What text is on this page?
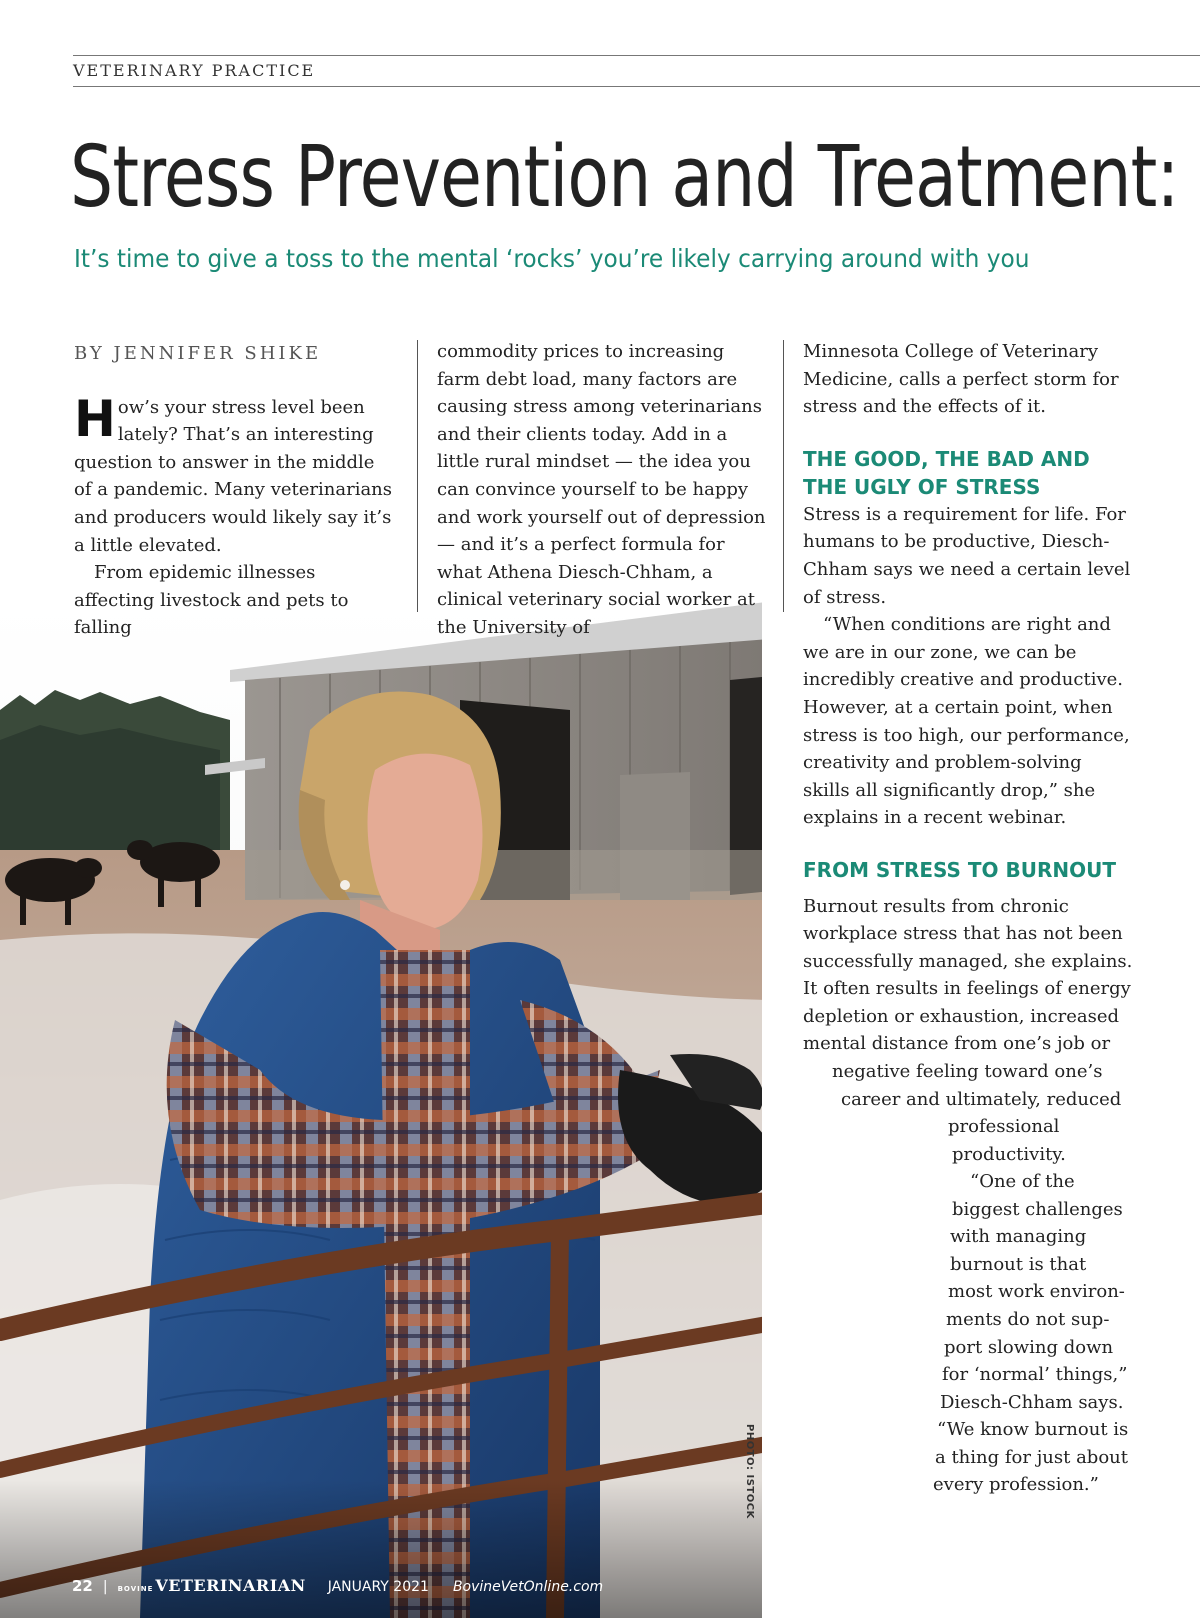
VETERINARY PRACTICE
Stress Prevention and Treatment:
It’s time to give a toss to the mental ‘rocks’ you’re likely carrying around with you
PHOTO: ISTOCK

BY JENNIFER SHIKE

How’s your stress level been lately? That’s an interesting question to answer in the middle of a pandemic. Many veterinarians and producers would likely say it’s a little elevated.

From epidemic illnesses affecting livestock and pets to falling

commodity prices to increasing farm debt load, many factors are causing stress among veterinarians and their clients today. Add in a little rural mindset — the idea you can convince yourself to be happy and work yourself out of depression — and it’s a perfect formula for what Athena Diesch-Chham, a clinical veterinary social worker at the University of

Minnesota College of Veterinary Medicine, calls a perfect storm for stress and the effects of it.

THE GOOD, THE BAD AND THE UGLY OF STRESS

Stress is a requirement for life. For humans to be productive, Diesch-Chham says we need a certain level of stress.

“When conditions are right and we are in our zone, we can be incredibly creative and productive. However, at a certain point, when stress is too high, our performance, creativity and problem-solving skills all significantly drop,” she explains in a recent webinar.

FROM STRESS TO BURNOUT

Burnout results from chronic
workplace stress that has not been
successfully managed, she explains.
It often results in feelings of energy
depletion or exhaustion, increased
mental distance from one’s job or
negative feeling toward one’s
career and ultimately, reduced
professional
productivity.
“One of the
biggest challenges
with managing
burnout is that
most work environ-
ments do not sup-
port slowing down
for ‘normal’ things,”
Diesch-Chham says.
“We know burnout is
a thing for just about
every profession.”
22 | BOVINE VETERINARIAN JANUARY 2021 BovineVetOnline.com
